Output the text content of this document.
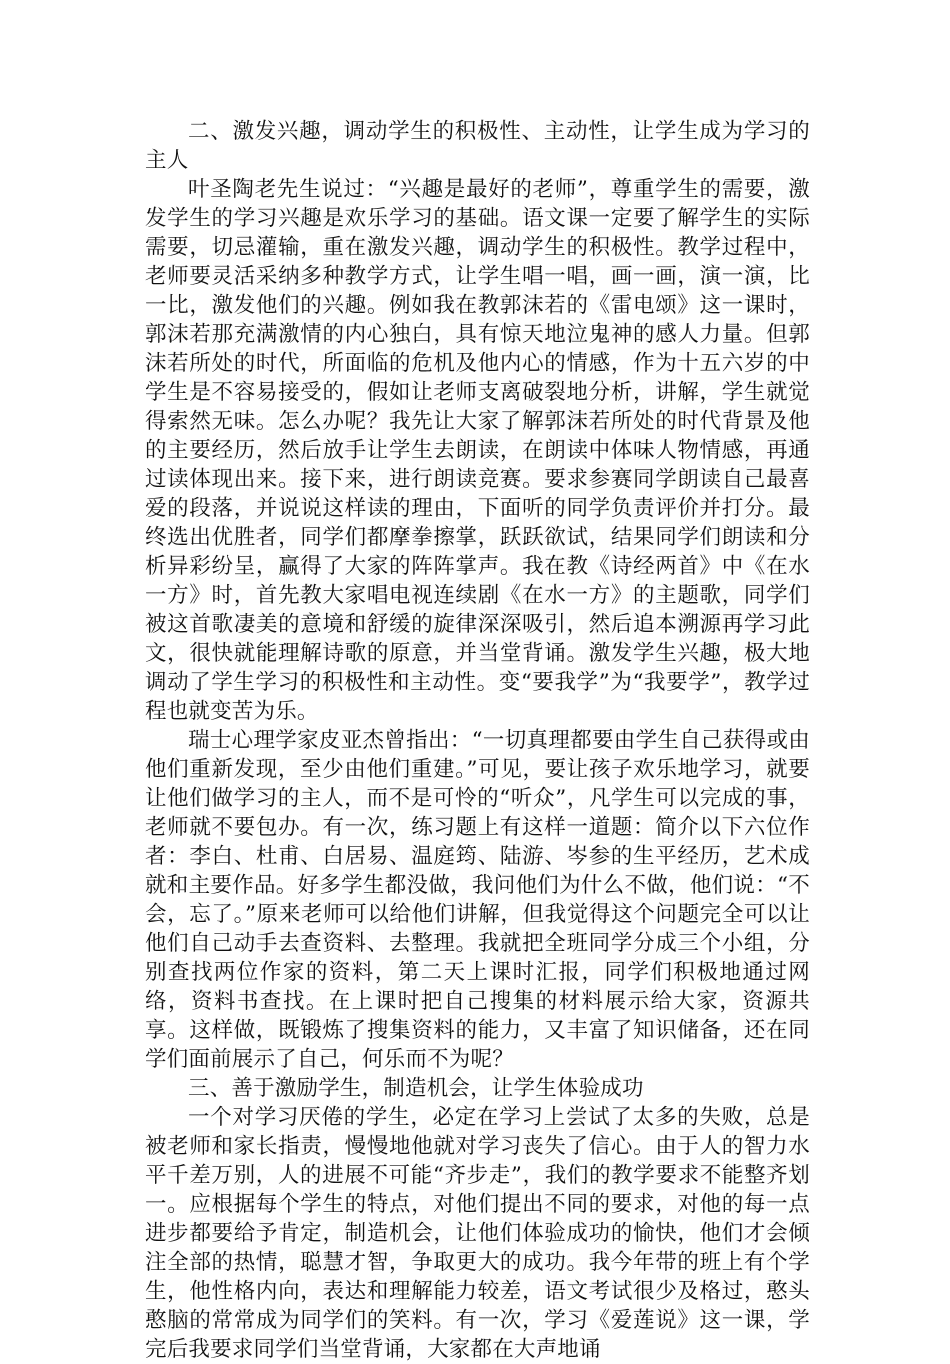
二、激发兴趣，调动学生的积极性、主动性，让学生成为学习的主人

叶圣陶老先生说过：“兴趣是最好的老师”，尊重学生的需要，激发学生的学习兴趣是欢乐学习的基础。语文课一定要了解学生的实际需要，切忌灌输，重在激发兴趣，调动学生的积极性。教学过程中，老师要灵活采纳多种教学方式，让学生唱一唱，画一画，演一演，比一比，激发他们的兴趣。例如我在教郭沫若的《雷电颂》这一课时，郭沫若那充满激情的内心独白，具有惊天地泣鬼神的感人力量。但郭沫若所处的时代，所面临的危机及他内心的情感，作为十五六岁的中学生是不容易接受的，假如让老师支离破裂地分析，讲解，学生就觉得索然无味。怎么办呢？我先让大家了解郭沫若所处的时代背景及他的主要经历，然后放手让学生去朗读，在朗读中体味人物情感，再通过读体现出来。接下来，进行朗读竞赛。要求参赛同学朗读自己最喜爱的段落，并说说这样读的理由，下面听的同学负责评价并打分。最终选出优胜者，同学们都摩拳擦掌，跃跃欲试，结果同学们朗读和分析异彩纷呈，赢得了大家的阵阵掌声。我在教《诗经两首》中《在水一方》时，首先教大家唱电视连续剧《在水一方》的主题歌，同学们被这首歌凄美的意境和舒缓的旋律深深吸引，然后追本溯源再学习此文，很快就能理解诗歌的原意，并当堂背诵。激发学生兴趣，极大地调动了学生学习的积极性和主动性。变“要我学”为“我要学”，教学过程也就变苦为乐。

瑞士心理学家皮亚杰曾指出：“一切真理都要由学生自己获得或由他们重新发现，至少由他们重建。”可见，要让孩子欢乐地学习，就要让他们做学习的主人，而不是可怜的“听众”，凡学生可以完成的事，老师就不要包办。有一次，练习题上有这样一道题：简介以下六位作者：李白、杜甫、白居易、温庭筠、陆游、岑参的生平经历，艺术成就和主要作品。好多学生都没做，我问他们为什么不做，他们说：“不会，忘了。”原来老师可以给他们讲解，但我觉得这个问题完全可以让他们自己动手去查资料、去整理。我就把全班同学分成三个小组，分别查找两位作家的资料，第二天上课时汇报，同学们积极地通过网络，资料书查找。在上课时把自己搜集的材料展示给大家，资源共享。这样做，既锻炼了搜集资料的能力，又丰富了知识储备，还在同学们面前展示了自己，何乐而不为呢？

三、善于激励学生，制造机会，让学生体验成功

一个对学习厌倦的学生，必定在学习上尝试了太多的失败，总是被老师和家长指责，慢慢地他就对学习丧失了信心。由于人的智力水平千差万别，人的进展不可能“齐步走”，我们的教学要求不能整齐划一。应根据每个学生的特点，对他们提出不同的要求，对他的每一点进步都要给予肯定，制造机会，让他们体验成功的愉快，他们才会倾注全部的热情，聪慧才智，争取更大的成功。我今年带的班上有个学生，他性格内向，表达和理解能力较差，语文考试很少及格过，憨头憨脑的常常成为同学们的笑料。有一次，学习《爱莲说》这一课，学完后我要求同学们当堂背诵，大家都在大声地诵
